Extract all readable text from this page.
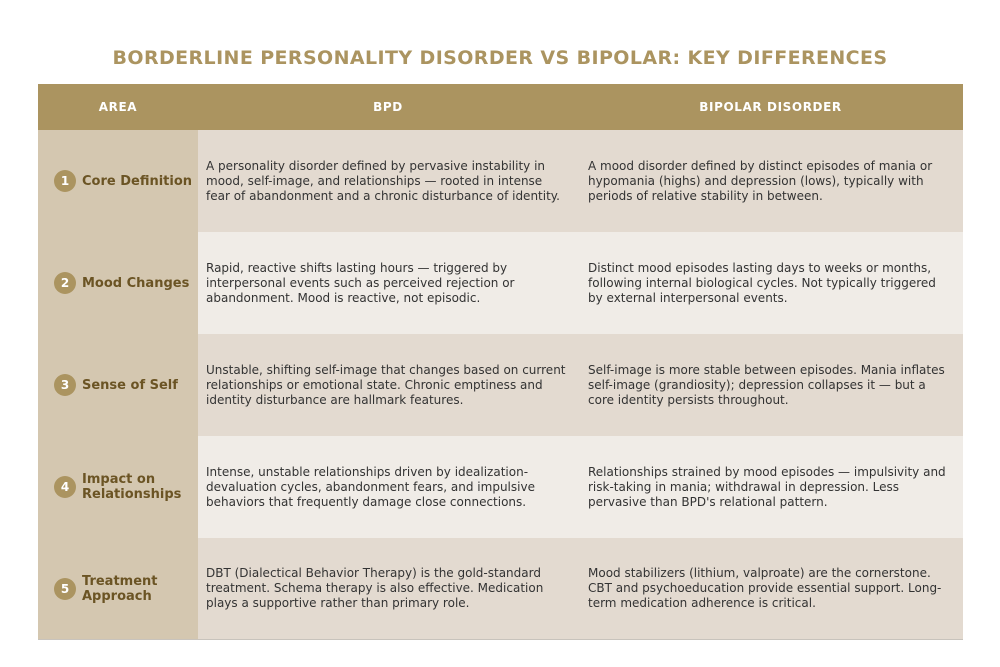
BORDERLINE PERSONALITY DISORDER VS BIPOLAR: KEY DIFFERENCES
AREA	BPD	BIPOLAR DISORDER
1 Core Definition
A personality disorder defined by pervasive instability in mood, self-image, and relationships — rooted in intense fear of abandonment and a chronic disturbance of identity.
A mood disorder defined by distinct episodes of mania or hypomania (highs) and depression (lows), typically with periods of relative stability in between.
2 Mood Changes
Rapid, reactive shifts lasting hours — triggered by interpersonal events such as perceived rejection or abandonment. Mood is reactive, not episodic.
Distinct mood episodes lasting days to weeks or months, following internal biological cycles. Not typically triggered by external interpersonal events.
3 Sense of Self
Unstable, shifting self-image that changes based on current relationships or emotional state. Chronic emptiness and identity disturbance are hallmark features.
Self-image is more stable between episodes. Mania inflates self-image (grandiosity); depression collapses it — but a core identity persists throughout.
4 Impact on Relationships
Intense, unstable relationships driven by idealization-devaluation cycles, abandonment fears, and impulsive behaviors that frequently damage close connections.
Relationships strained by mood episodes — impulsivity and risk-taking in mania; withdrawal in depression. Less pervasive than BPD's relational pattern.
5 Treatment Approach
DBT (Dialectical Behavior Therapy) is the gold-standard treatment. Schema therapy is also effective. Medication plays a supportive rather than primary role.
Mood stabilizers (lithium, valproate) are the cornerstone. CBT and psychoeducation provide essential support. Long-term medication adherence is critical.
